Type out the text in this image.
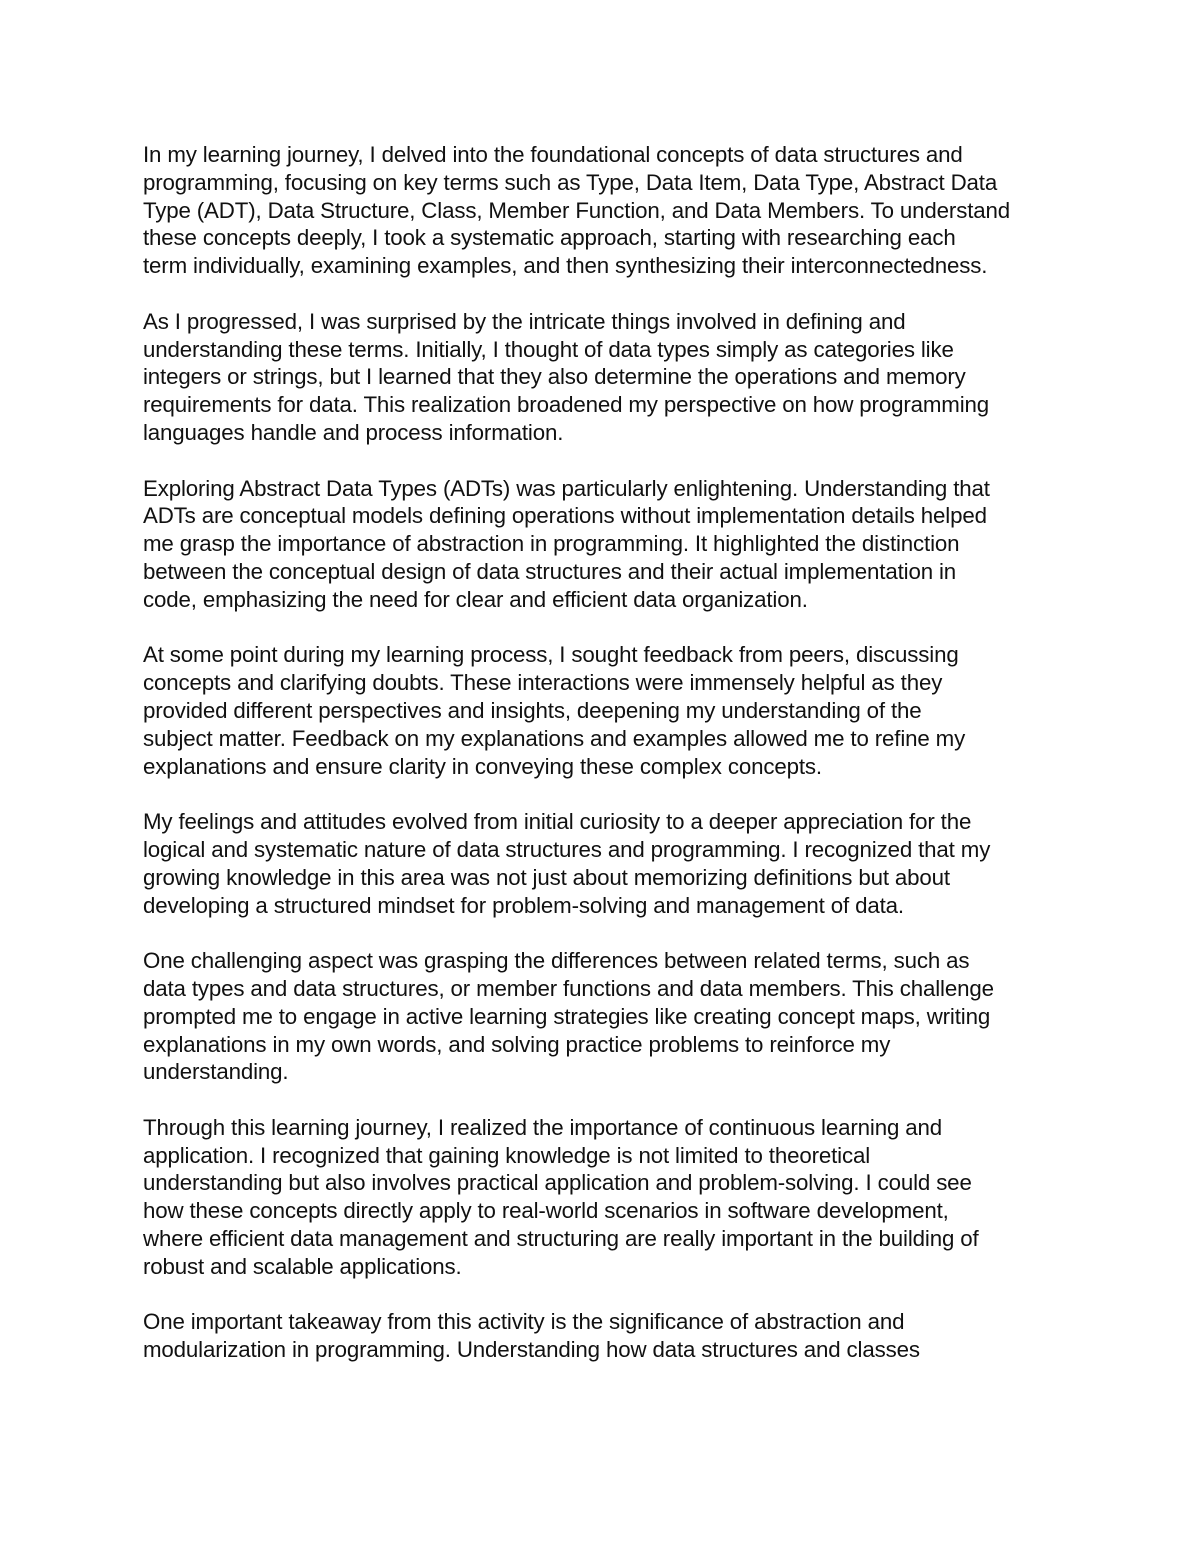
In my learning journey, I delved into the foundational concepts of data structures and
programming, focusing on key terms such as Type, Data Item, Data Type, Abstract Data
Type (ADT), Data Structure, Class, Member Function, and Data Members. To understand
these concepts deeply, I took a systematic approach, starting with researching each
term individually, examining examples, and then synthesizing their interconnectedness.

As I progressed, I was surprised by the intricate things involved in defining and
understanding these terms. Initially, I thought of data types simply as categories like
integers or strings, but I learned that they also determine the operations and memory
requirements for data. This realization broadened my perspective on how programming
languages handle and process information.

Exploring Abstract Data Types (ADTs) was particularly enlightening. Understanding that
ADTs are conceptual models defining operations without implementation details helped
me grasp the importance of abstraction in programming. It highlighted the distinction
between the conceptual design of data structures and their actual implementation in
code, emphasizing the need for clear and efficient data organization.

At some point during my learning process, I sought feedback from peers, discussing
concepts and clarifying doubts. These interactions were immensely helpful as they
provided different perspectives and insights, deepening my understanding of the
subject matter. Feedback on my explanations and examples allowed me to refine my
explanations and ensure clarity in conveying these complex concepts.

My feelings and attitudes evolved from initial curiosity to a deeper appreciation for the
logical and systematic nature of data structures and programming. I recognized that my
growing knowledge in this area was not just about memorizing definitions but about
developing a structured mindset for problem-solving and management of data.

One challenging aspect was grasping the differences between related terms, such as
data types and data structures, or member functions and data members. This challenge
prompted me to engage in active learning strategies like creating concept maps, writing
explanations in my own words, and solving practice problems to reinforce my
understanding.

Through this learning journey, I realized the importance of continuous learning and
application. I recognized that gaining knowledge is not limited to theoretical
understanding but also involves practical application and problem-solving. I could see
how these concepts directly apply to real-world scenarios in software development,
where efficient data management and structuring are really important in the building of
robust and scalable applications.

One important takeaway from this activity is the significance of abstraction and
modularization in programming. Understanding how data structures and classes
